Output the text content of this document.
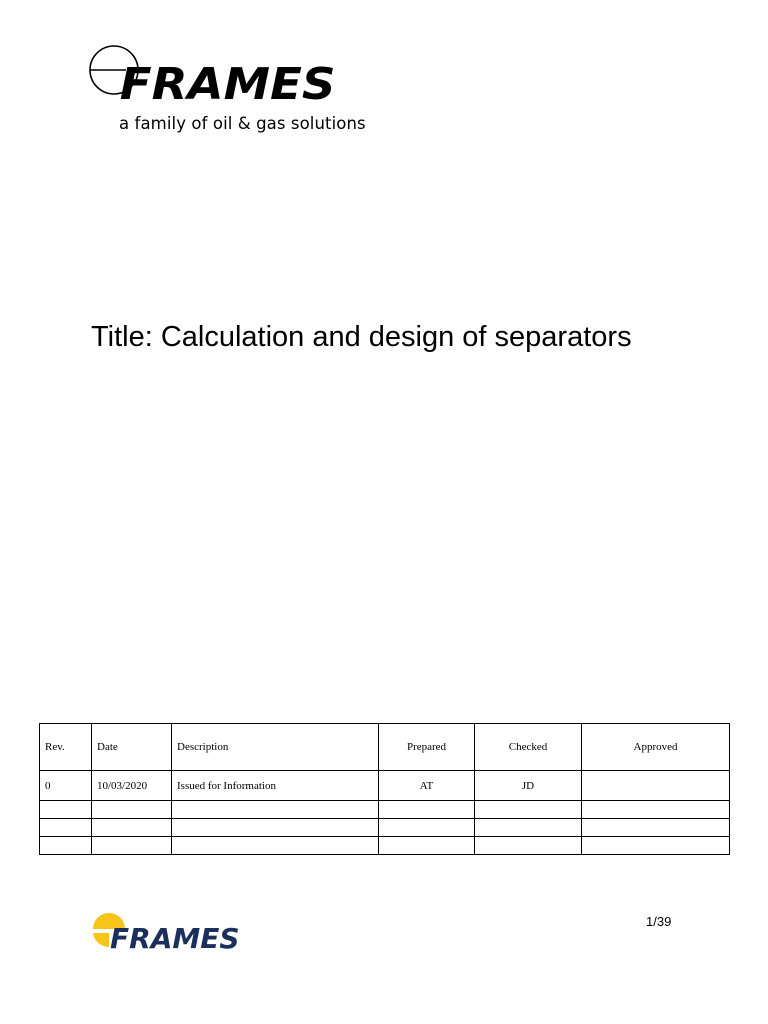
FRAMES
a family of oil & gas solutions
Title: Calculation and design of separators
Rev.	Date	Description	Prepared	Checked	Approved
0	10/03/2020	Issued for Information	AT	JD	

FRAMES
1/39
